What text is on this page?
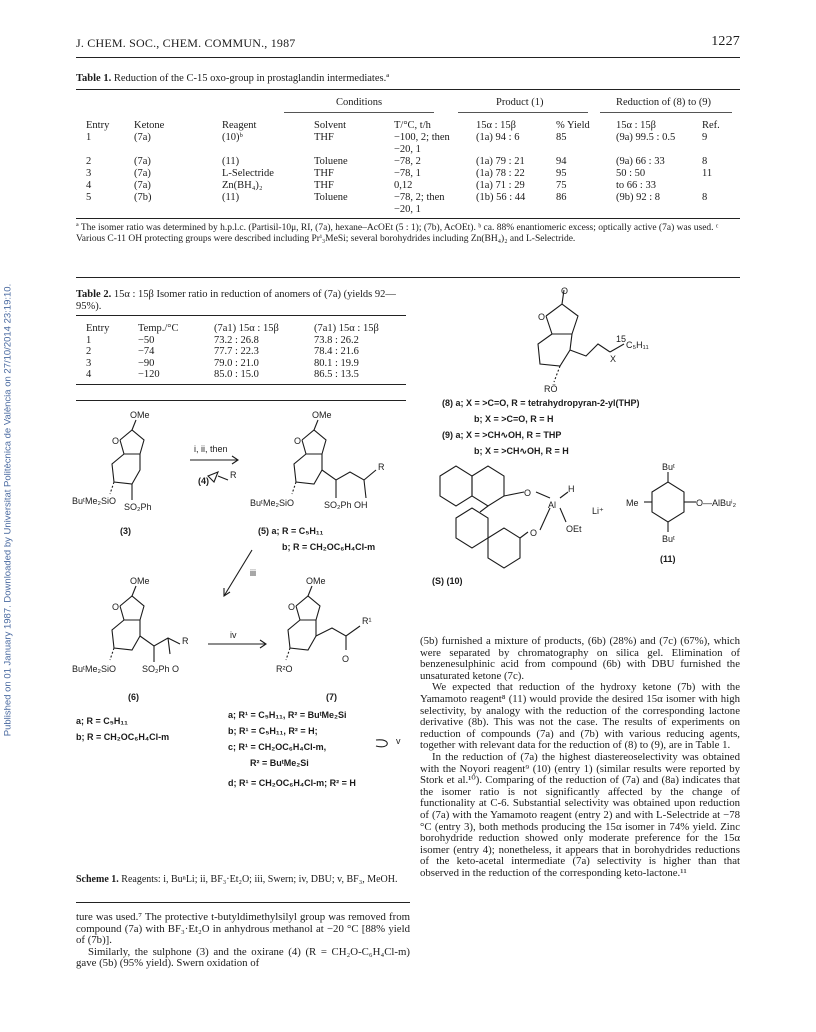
Published on 01 January 1987. Downloaded by Universitat Politècnica de València on 27/10/2014 23:19:10.
J. CHEM. SOC., CHEM. COMMUN., 1987	1227
Table 1. Reduction of the C-15 oxo-group in prostaglandin intermediates.ª
Conditions	Product (1)	Reduction of (8) to (9)
Entry	Ketone	Reagent	Solvent	T/°C, t/h	15α : 15β	% Yield	15α : 15β	Ref.
1	(7a)	(10)ᵇ	THF	−100, 2; then	(1a) 94 : 6	85	(9a) 99.5 : 0.5	9
				−20, 1				
2	(7a)	(11)	Toluene	−78, 2	(1a) 79 : 21	94	(9a) 66 : 33	8
3	(7a)	L-Selectride	THF	−78, 1	(1a) 78 : 22	95	50 : 50	11
4	(7a)	Zn(BH₄)₂	THF	0,12	(1a) 71 : 29	75	to 66 : 33	
5	(7b)	(11)	Toluene	−78, 2; then	(1b) 56 : 44	86	(9b) 92 : 8	8
				−20, 1				
ª The isomer ratio was determined by h.p.l.c. (Partisil-10μ, RI, (7a), hexane–AcOEt (5 : 1); (7b), AcOEt). ᵇ ca. 88% enantiomeric excess; optically active (7a) was used. ᶜ Various C-11 OH protecting groups were described including Prⁱ₃MeSi; several borohydrides including Zn(BH₄)₂ and L-Selectride.
Table 2. 15α : 15β Isomer ratio in reduction of anomers of (7a) (yields 92—95%).
Entry	Temp./°C	(7a1) 15α : 15β	(7a1) 15α : 15β
1	−50	73.2 : 26.8	73.8 : 26.2
2	−74	77.7 : 22.3	78.4 : 21.6
3	−90	79.0 : 21.0	80.1 : 19.9
4	−120	85.0 : 15.0	86.5 : 13.5
O
O
15
X
C₅H₁₁
RÖ
(8) a; X = >C=O, R = tetrahydropyran-2-yl(THP)
b; X = >C=O, R = H
(9) a; X = >CH∿OH, R = THP
b; X = >CH∿OH, R = H
O
O
Al
H
OEt
Li⁺
(S) (10)
Buᵗ
Buᵗ
Me	O—AlBuⁱ₂
(11)
OMe
O
BuᵗMe₂SiO
SO₂Ph
(3)
i, ii, then
(4)
R
OMe
O
R
BuᵗMe₂SiO	SO₂Ph OH
(5) a; R = C₅H₁₁
b; R = CH₂OC₆H₄Cl-m
iii
OMe
O
R
BuᵗMe₂SiO	SO₂Ph O
(6)
iv
OMe
O
R¹
R²O
O
(7)
a; R = C₅H₁₁
b; R = CH₂OC₆H₄Cl-m
a; R¹ = C₅H₁₁, R² = BuᵗMe₂Si
b; R¹ = C₅H₁₁, R² = H;
c; R¹ = CH₂OC₆H₄Cl-m,
R² = BuᵗMe₂Si
d; R¹ = CH₂OC₆H₄Cl-m; R² = H
v
Scheme 1. Reagents: i, BuⁿLi; ii, BF₃·Et₂O; iii, Swern; iv, DBU; v, BF₃, MeOH.

ture was used.⁷ The protective t-butyldimethylsilyl group was removed from compound (7a) with BF₃·Et₂O in anhydrous methanol at −20 °C [88% yield of (7b)].

Similarly, the sulphone (3) and the oxirane (4) (R = CH₂O-C₆H₄Cl-m) gave (5b) (95% yield). Swern oxidation of

(5b) furnished a mixture of products, (6b) (28%) and (7c) (67%), which were separated by chromatography on silica gel. Elimination of benzenesulphinic acid from compound (6b) with DBU furnished the unsaturated ketone (7c).

We expected that reduction of the hydroxy ketone (7b) with the Yamamoto reagent⁸ (11) would provide the desired 15α isomer with high selectivity, by analogy with the reduction of the corresponding lactone derivative (8b). This was not the case. The results of experiments on reduction of compounds (7a) and (7b) with various reducing agents, together with relevant data for the reduction of (8) to (9), are in Table 1.

In the reduction of (7a) the highest diastereoselectivity was obtained with the Noyori reagent⁹ (10) (entry 1) (similar results were reported by Stork et al.¹⁰). Comparing of the reduction of (7a) and (8a) indicates that the isomer ratio is not significantly affected by the change of functionality at C-6. Substantial selectivity was obtained upon reduction of (7a) with the Yamamoto reagent (entry 2) and with L-Selectride at −78 °C (entry 3), both methods producing the 15α isomer in 74% yield. Zinc borohydride reduction showed only moderate preference for the 15α isomer (entry 4); nonetheless, it appears that in borohydrides reductions of the keto-acetal intermediate (7a) selectivity is higher than that observed in the reduction of the corresponding keto-lactone.¹¹
